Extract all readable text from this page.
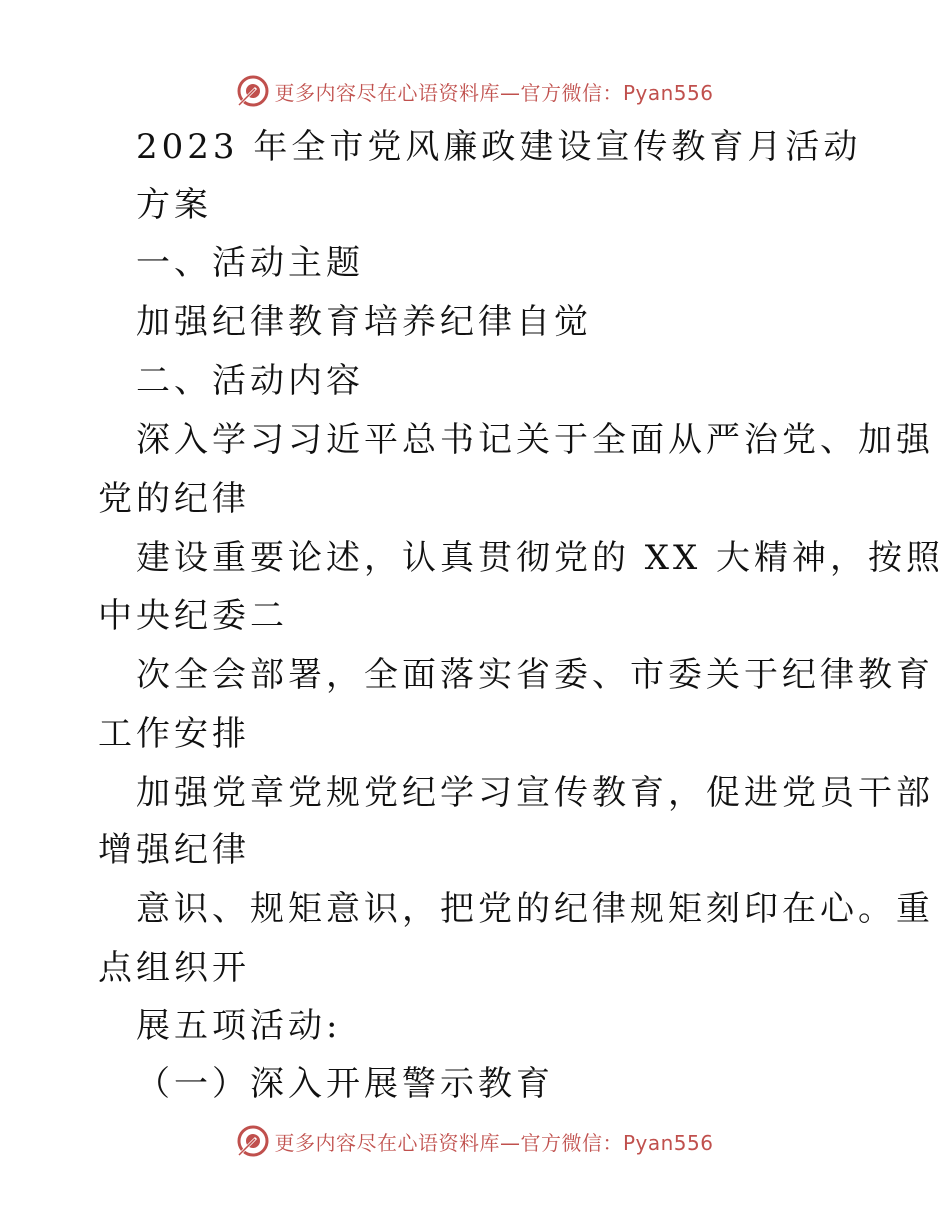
更多内容尽在心语资料库—官方微信：Pyan556
2023 年全市党风廉政建设宣传教育月活动
方案
一、活动主题
加强纪律教育培养纪律自觉
二、活动内容
深入学习习近平总书记关于全面从严治党、加强
党的纪律
建设重要论述，认真贯彻党的 XX 大精神，按照
中央纪委二
次全会部署，全面落实省委、市委关于纪律教育
工作安排
加强党章党规党纪学习宣传教育，促进党员干部
增强纪律
意识、规矩意识，把党的纪律规矩刻印在心。重
点组织开
展五项活动:
（一）深入开展警示教育
更多内容尽在心语资料库—官方微信：Pyan556
